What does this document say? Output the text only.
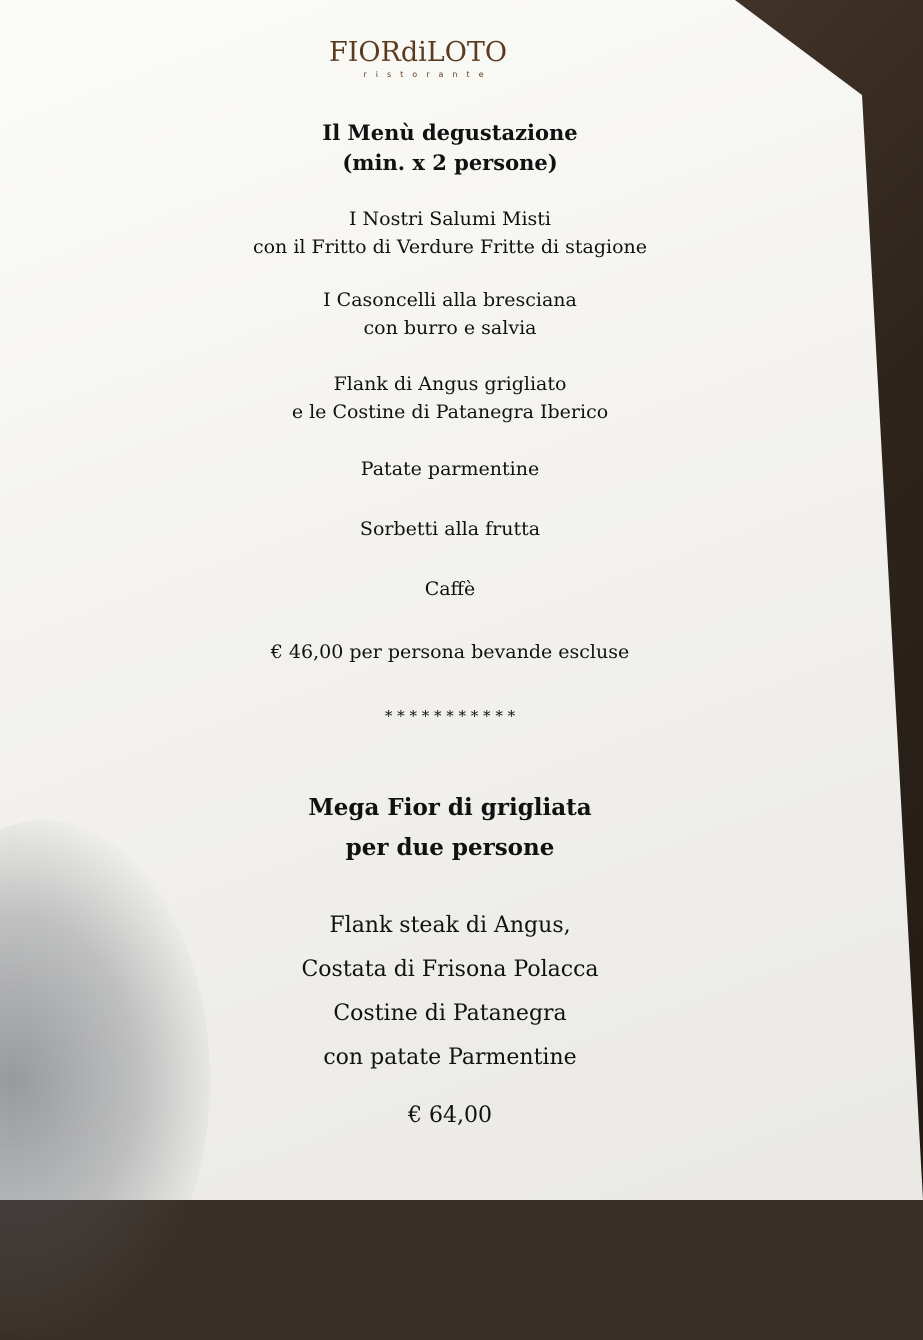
FIORdiLOTO
ristorante
Il Menù degustazione
(min. x 2 persone)
I Nostri Salumi Misti
con il Fritto di Verdure Fritte di stagione
I Casoncelli alla bresciana
con burro e salvia
Flank di Angus grigliato
e le Costine di Patanegra Iberico
Patate parmentine
Sorbetti alla frutta
Caffè
€ 46,00 per persona bevande escluse
* * * * * * * * * * *
Mega Fior di grigliata
per due persone
Flank steak di Angus,
Costata di Frisona Polacca
Costine di Patanegra
con patate Parmentine
€ 64,00
